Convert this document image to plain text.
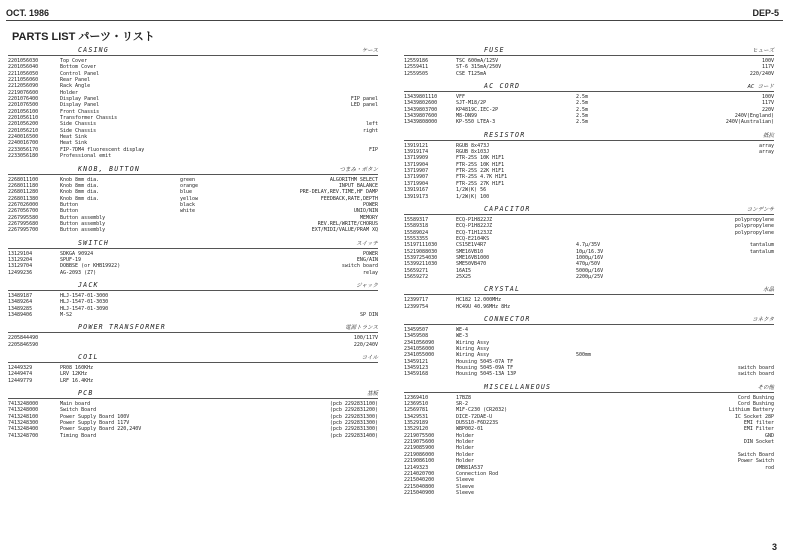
OCT. 1986	DEP-5
PARTS LIST パーツ・リスト
CASING	ケース
2201056030	Top Cover
2201056040	Bottom Cover
2211056050	Control Panel
2211056060	Rear Panel
2212056090	Rack Angle
2219076600	Holder
2201076400	Display Panel	FIP panel
2201076500	Display Panel	LED panel
2201056100	Front Chassis
2201056110	Transformer Chassis
2201056200	Side Chassis	left
2201056210	Side Chassis	right
2240016500	Heat Sink
2240016700	Heat Sink
2233056170	FIP-7DM4 fluorescent display	FIP
2233056180	Professional emit
KNOB, BUTTON	つまみ・ボタン
2268011100	Knob 8mm dia.	green	ALGORITHM SELECT
2268011180	Knob 8mm dia.	orange	INPUT BALANCE
2268011280	Knob 8mm dia.	blue	PRE-DELAY,REV.TIME,HF DAMP
2268011380	Knob 8mm dia.	yellow	FEEDBACK,RATE,DEPTH
2267026000	Button	black	POWER
2267056700	Button	white	UNIO/NIN
2267995580	Button assembly	MEMORY
2267995680	Button assembly	REV.REL/WRITE/CHORUS
2267995700	Button assembly	EXT/MIDI/VALUE/PRAM XQ
SWITCH	スイッチ
13129104	SDKGA 90924	POWER
13129204	SPUF-19	ENG/AIN
13129704	DOBBSE (or KHB19922)	switch board
12499236	AG-2093 (Z7)	relay
JACK	ジャック
13489187	HLJ-1547-01-3000
13489264	HLJ-1547-01-3030
13489285	HLJ-1547-01-3090
13489406	M-S2	SP DIN
POWER TRANSFORMER	電源トランス
2205844490	100/117V
2205846590	220/240V
COIL	コイル
12449329	PR08 160KHz
12449474	LRV 12KHz
12449779	LRF 16.4KHz
PCB	基板
7413248000	Main board	(pcb 2292831100)
7413248000	Switch Board	(pcb 2292831200)
7413248100	Power Supply Board 100V	(pcb 2292831300)
7413248300	Power Supply Board 117V	(pcb 2292831300)
7413248400	Power Supply Board 220,240V	(pcb 2292831300)
7413248700	Timing Board	(pcb 2292831400)
FUSE	ヒューズ
12559186	TSC 600mA/125V	100V
12559411	ST-6 315mA/250V	117V
12559505	CSE T125mA	220/240V
AC CORD	AC コード
13439801110	VFF	2.5m	100V
13439802600	SJT-M18/2P	2.5m	117V
13439803700	KP4819C.IEC-2P	2.5m	220V
13439807600	M8-DN99	2.5m	240V(England)
13439808000	KP-550 LTEA-3	2.5m	240V(Australian)
RESISTOR	抵抗
13919121	RGUB 8x473J	array
13919174	RGUB 8x103J	array
13719909	FTR-25S 10K H1F1
13719904	FTR-25S 10K H1F1
13719907	FTR-25S 22K H1F1
13719907	FTR-25S 4.7K H1F1
13719904	FTR-25S 27K H1F1
13919167	1/2W(K) 56
13919173	1/2W(K) 100
CAPACITOR	コンデンサ
15589317	ECQ-P1H822JZ	polypropylene
15589318	ECQ-P1H822JZ	polypropylene
15589024	ECQ-T1H123JZ	polypropylene
15553355	ECQ-E2104KS
15197111030	CS15E1V4R7	4.7µ/35V	tantalum
15219088030	SME16VB10	10µ/16.3V	tantalum
15397254030	SME16VB1000	1000µ/16V
15399211030	SME50VB470	470µ/50V
15659271	16AI5	5000µ/16V
15659272	25X25	2200µ/25V
CRYSTAL	水晶
12399717	HC182 12.000MHz
12399754	HC49U 40.96MHz 8Hz
CONNECTOR	コネクタ
13459507	WE-4
13459508	WE-3
2341056090	Wiring Assy
2341056000	Wiring Assy
2341055000	Wiring Assy	500mm
13459121	Housing 5045-07A TF
13459123	Housing 5045-09A TF	switch board
13459168	Housing 5045-13A 13P	switch board
MISCELLANEOUS	その他
12369410	17BZ8	Cord Bushing
12369510	SR-2	Cord Bushing
12569781	M1F-C230 (CR2032)	Lithium Battery
13429531	DICE-72DAE-U	IC Socket 28P
13529189	DU5S10-F6D223S	EMI filter
13529120	WBP002-01	EMI Filter
2219075500	Holder	GND
2219075600	Holder	DIN Socket
2219085900	Holder
2219086000	Holder	Switch Board
2219086100	Holder	Power Switch
12149323	DMB81A537	rod
2214020700	Connection Rod
2215040200	Sleeve
2215040800	Sleeve
2215040900	Sleeve
3
